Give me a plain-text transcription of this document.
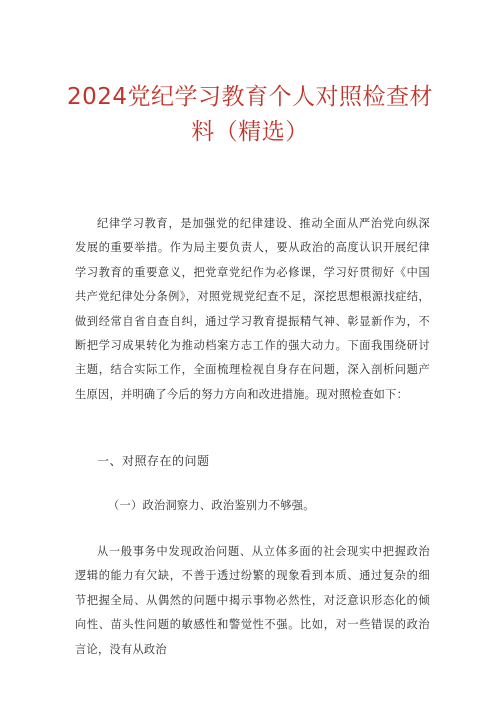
2024党纪学习教育个人对照检查材
料（精选）
纪律学习教育，是加强党的纪律建设、推动全面从严治党向纵深发展的重要举措。作为局主要负责人，要从政治的高度认识开展纪律学习教育的重要意义，把党章党纪作为必修课，学习好贯彻好《中国共产党纪律处分条例》，对照党规党纪查不足，深挖思想根源找症结，做到经常自省自查自纠，通过学习教育提振精气神、彰显新作为，不断把学习成果转化为推动档案方志工作的强大动力。下面我围绕研讨主题，结合实际工作，全面梳理检视自身存在问题，深入剖析问题产生原因，并明确了今后的努力方向和改进措施。现对照检查如下：
一、对照存在的问题
（一）政治洞察力、政治鉴别力不够强。
从一般事务中发现政治问题、从立体多面的社会现实中把握政治逻辑的能力有欠缺，不善于透过纷繁的现象看到本质、通过复杂的细节把握全局、从偶然的问题中揭示事物必然性，对泛意识形态化的倾向性、苗头性问题的敏感性和警觉性不强。比如，对一些错误的政治言论，没有从政治
